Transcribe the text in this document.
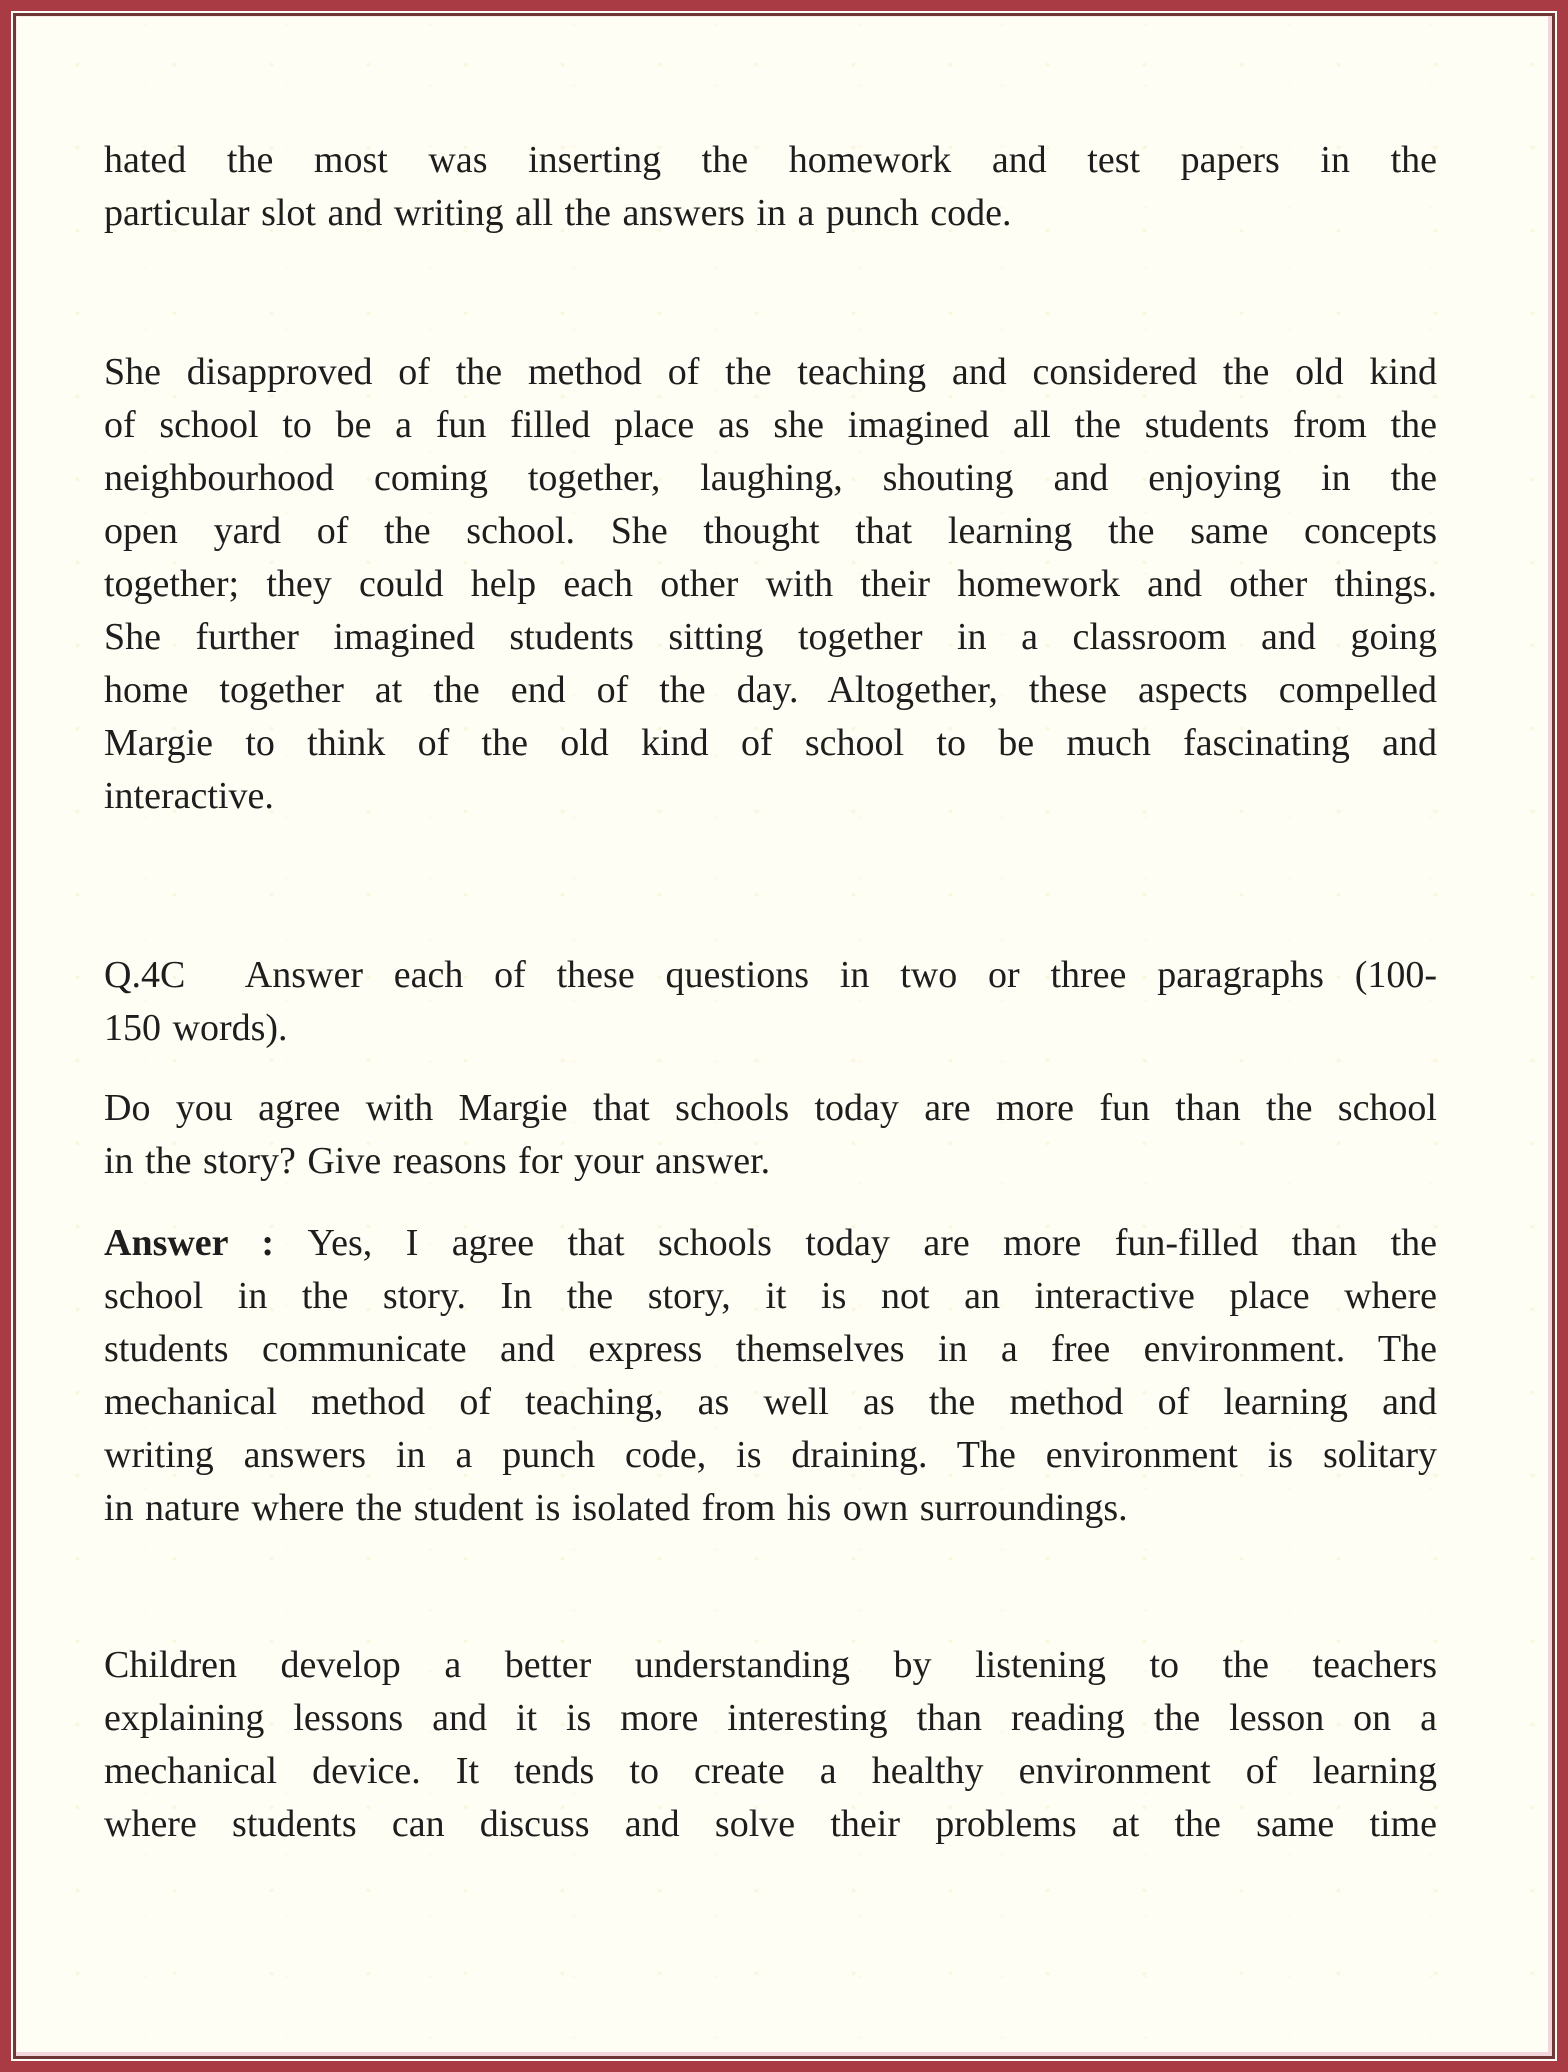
hated the most was inserting the homework and test papers in the
particular slot and writing all the answers in a punch code.
She disapproved of the method of the teaching and considered the old kind
of school to be a fun filled place as she imagined all the students from the
neighbourhood coming together, laughing, shouting and enjoying in the
open yard of the school. She thought that learning the same concepts
together; they could help each other with their homework and other things.
She further imagined students sitting together in a classroom and going
home together at the end of the day. Altogether, these aspects compelled
Margie to think of the old kind of school to be much fascinating and
interactive.
Q.4C  Answer each of these questions in two or three paragraphs (100-
150 words).
Do you agree with Margie that schools today are more fun than the school
in the story? Give reasons for your answer.
Answer : Yes, I agree that schools today are more fun-filled than the
school in the story. In the story, it is not an interactive place where
students communicate and express themselves in a free environment. The
mechanical method of teaching, as well as the method of learning and
writing answers in a punch code, is draining. The environment is solitary
in nature where the student is isolated from his own surroundings.
Children develop a better understanding by listening to the teachers
explaining lessons and it is more interesting than reading the lesson on a
mechanical device. It tends to create a healthy environment of learning
where students can discuss and solve their problems at the same time
